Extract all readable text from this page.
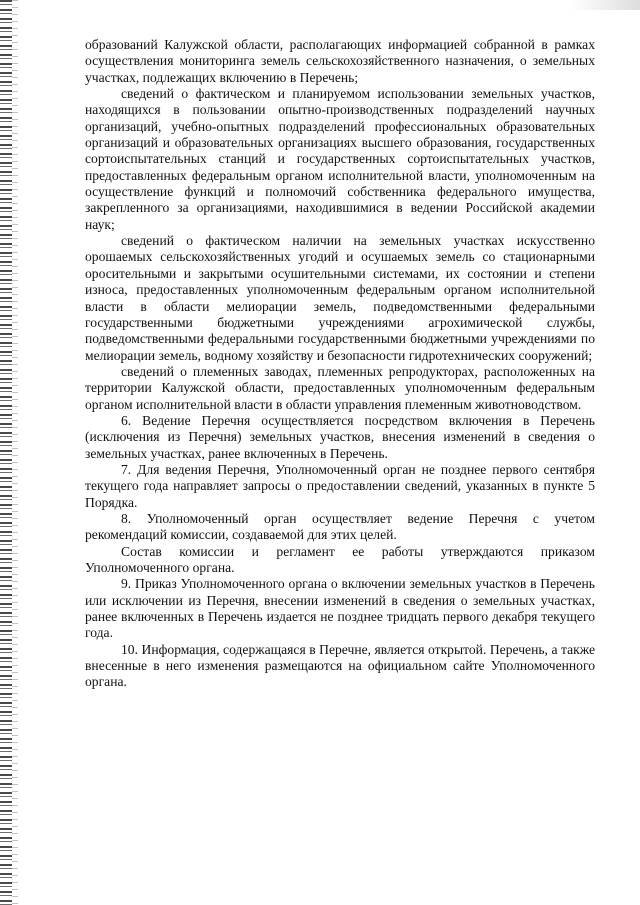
образований Калужской области, располагающих информацией собранной в рамках осуществления мониторинга земель сельскохозяйственного назначения, о земельных участках, подлежащих включению в Перечень;

сведений о фактическом и планируемом использовании земельных участков, находящихся в пользовании опытно-производственных подразделений научных организаций, учебно-опытных подразделений профессиональных образовательных организаций и образовательных организациях высшего образования, государственных сортоиспытательных станций и государственных сортоиспытательных участков, предоставленных федеральным органом исполнительной власти, уполномоченным на осуществление функций и полномочий собственника федерального имущества, закрепленного за организациями, находившимися в ведении Российской академии наук;

сведений о фактическом наличии на земельных участках искусственно орошаемых сельскохозяйственных угодий и осушаемых земель со стационарными оросительными и закрытыми осушительными системами, их состоянии и степени износа, предоставленных уполномоченным федеральным органом исполнительной власти в области мелиорации земель, подведомственными федеральными государственными бюджетными учреждениями агрохимической службы, подведомственными федеральными государственными бюджетными учреждениями по мелиорации земель, водному хозяйству и безопасности гидротехнических сооружений;

сведений о племенных заводах, племенных репродукторах, расположенных на территории Калужской области, предоставленных уполномоченным федеральным органом исполнительной власти в области управления племенным животноводством.

6. Ведение Перечня осуществляется посредством включения в Перечень (исключения из Перечня) земельных участков, внесения изменений в сведения о земельных участках, ранее включенных в Перечень.

7. Для ведения Перечня, Уполномоченный орган не позднее первого сентября текущего года направляет запросы о предоставлении сведений, указанных в пункте 5 Порядка.

8. Уполномоченный орган осуществляет ведение Перечня с учетом рекомендаций комиссии, создаваемой для этих целей.

Состав комиссии и регламент ее работы утверждаются приказом Уполномоченного органа.

9. Приказ Уполномоченного органа о включении земельных участков в Перечень или исключении из Перечня, внесении изменений в сведения о земельных участках, ранее включенных в Перечень издается не позднее тридцать первого декабря текущего года.

10. Информация, содержащаяся в Перечне, является открытой. Перечень, а также внесенные в него изменения размещаются на официальном сайте Уполномоченного органа.
